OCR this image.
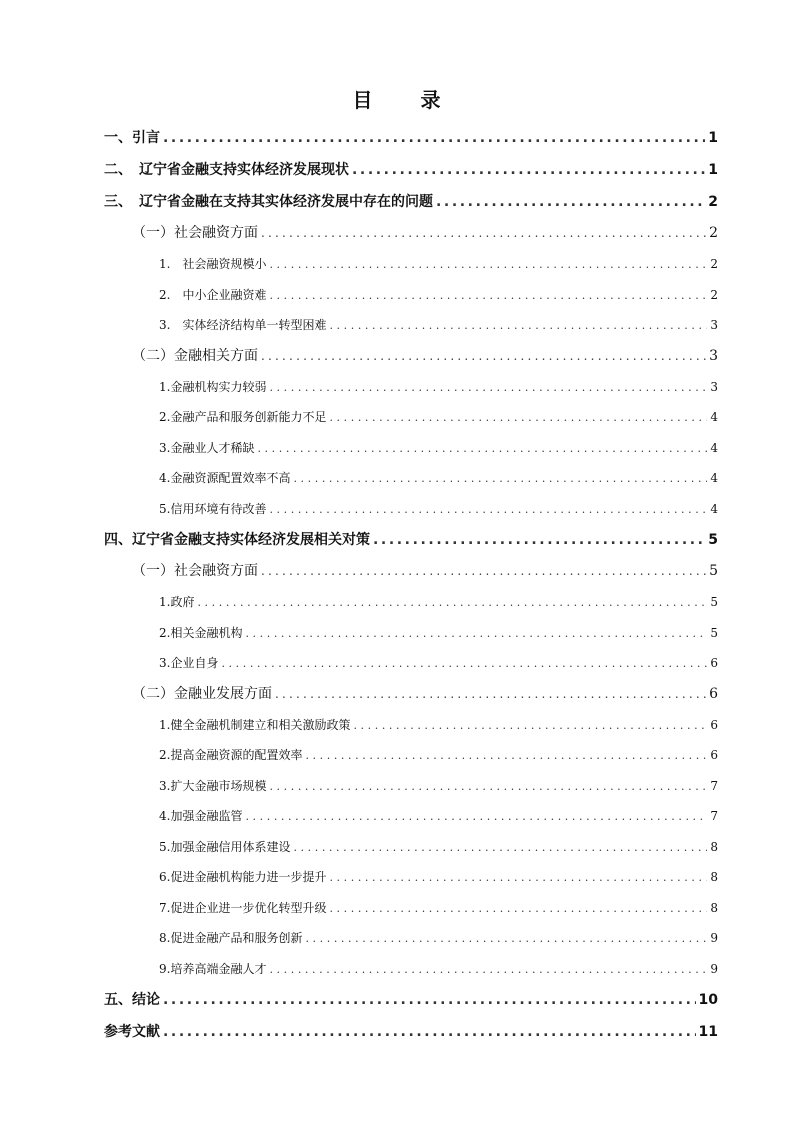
目　录
一、引言 .....	1
二、　辽宁省金融支持实体经济发展现状 .....	1
三、　辽宁省金融在支持其实体经济发展中存在的问题 .....	2
（一）社会融资方面 .....	2
1.　社会融资规模小 .....	2
2.　中小企业融资难 .....	2
3.　实体经济结构单一转型困难 .....	3
（二）金融相关方面 .....	3
1.金融机构实力较弱 .....	3
2.金融产品和服务创新能力不足 .....	4
3.金融业人才稀缺 .....	4
4.金融资源配置效率不高 .....	4
5.信用环境有待改善 .....	4
四、辽宁省金融支持实体经济发展相关对策 .....	5
（一）社会融资方面 .....	5
1.政府 .....	5
2.相关金融机构 .....	5
3.企业自身 .....	6
（二）金融业发展方面 .....	6
1.健全金融机制建立和相关激励政策 .....	6
2.提高金融资源的配置效率 .....	6
3.扩大金融市场规模 .....	7
4.加强金融监管 .....	7
5.加强金融信用体系建设 .....	8
6.促进金融机构能力进一步提升 .....	8
7.促进企业进一步优化转型升级 .....	8
8.促进金融产品和服务创新 .....	9
9.培养高端金融人才 .....	9
五、结论 .....	10
参考文献 .....	11
